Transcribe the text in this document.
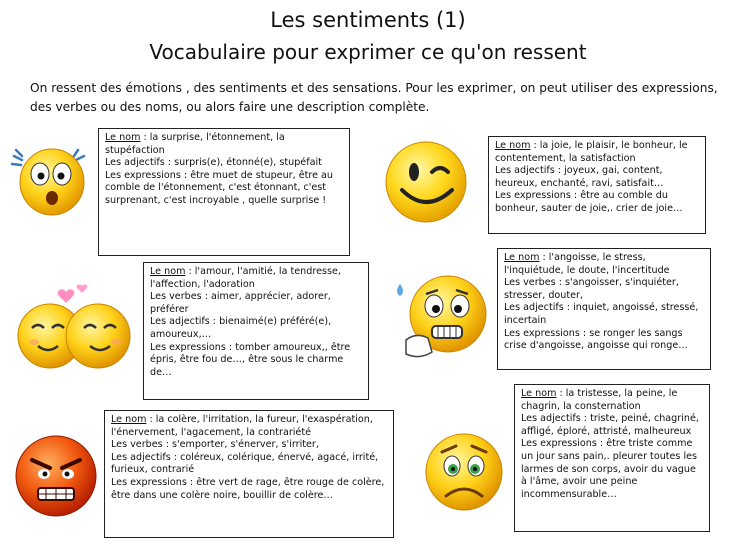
Les sentiments (1)
Vocabulaire pour exprimer ce qu'on ressent
On ressent des émotions , des sentiments et des sensations. Pour les exprimer, on peut utiliser des expressions, des verbes ou des noms, ou alors faire une description complète.

Le nom : la surprise, l'étonnement, la stupéfaction

Les adjectifs : surpris(e), étonné(e), stupéfait

Les expressions : être muet de stupeur, être au comble de l'étonnement, c'est étonnant, c'est surprenant, c'est incroyable , quelle surprise !

Le nom : la joie, le plaisir, le bonheur, le contentement, la satisfaction

Les adjectifs : joyeux, gai, content, heureux, enchanté, ravi, satisfait…

Les expressions : être au comble du bonheur, sauter de joie,. crier de joie…

Le nom : l'amour, l'amitié, la tendresse, l'affection, l'adoration

Les verbes : aimer, apprécier, adorer, préférer

Les adjectifs : bienaimé(e) préféré(e), amoureux,…

Les expressions : tomber amoureux,, être épris, être fou de…, être sous le charme de…

Le nom : l'angoisse, le stress, l'inquiétude, le doute, l'incertitude

Les verbes : s'angoisser, s'inquiéter, stresser, douter,

Les adjectifs : inquiet, angoissé, stressé, incertain

Les expressions : se ronger les sangs crise d'angoisse, angoisse qui ronge…

Le nom : la colère, l'irritation, la fureur, l'exaspération, l'énervement, l'agacement, la contrariété

Les verbes : s'emporter, s'énerver, s'irriter,

Les adjectifs : coléreux, colérique, énervé, agacé, irrité, furieux, contrarié

Les expressions : être vert de rage, être rouge de colère, être dans une colère noire, bouillir de colère…

Le nom : la tristesse, la peine, le chagrin, la consternation

Les adjectifs : triste, peiné, chagriné, affligé, éploré, attristé, malheureux

Les expressions : être triste comme un jour sans pain,. pleurer toutes les larmes de son corps, avoir du vague à l'âme, avoir une peine incommensurable…
